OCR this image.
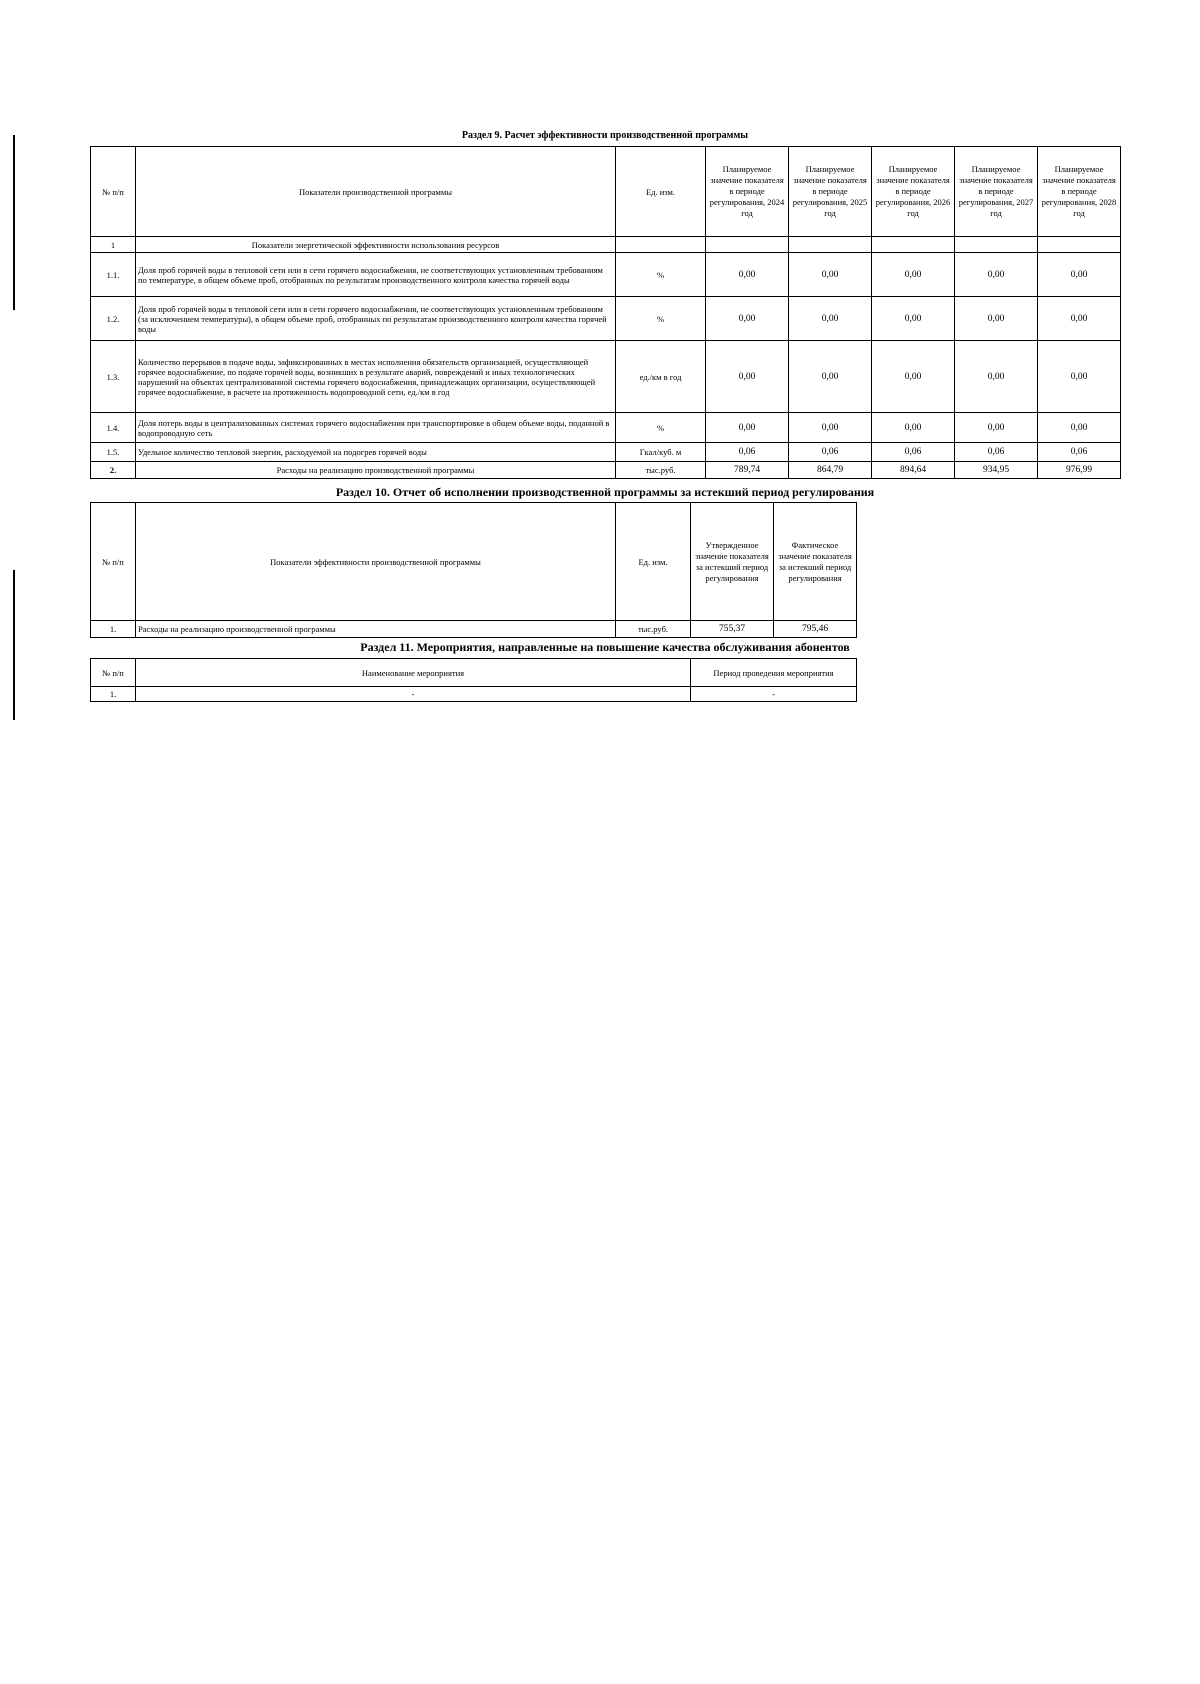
Раздел 9. Расчет эффективности производственной программы
№ п/п	Показатели производственной программы	Ед. изм.	Планируемое значение показателя в периоде регулирования, 2024 год	Планируемое значение показателя в периоде регулирования, 2025 год	Планируемое значение показателя в периоде регулирования, 2026 год	Планируемое значение показателя в периоде регулирования, 2027 год	Планируемое значение показателя в периоде регулирования, 2028 год
1	Показатели энергетической эффективности использования ресурсов						
1.1.	Доля проб горячей воды в тепловой сети или в сети горячего водоснабжения, не соответствующих установленным требованиям по температуре, в общем объеме проб, отобранных по результатам производственного контроля качества горячей воды	%	0,00	0,00	0,00	0,00	0,00
1.2.	Доля проб горячей воды в тепловой сети или в сети горячего водоснабжения, не соответствующих установленным требованиям (за исключением температуры), в общем объеме проб, отобранных по результатам производственного контроля качества горячей воды	%	0,00	0,00	0,00	0,00	0,00
1.3.	Количество перерывов в подаче воды, зафиксированных в местах исполнения обязательств организацией, осуществляющей горячее водоснабжение, по подаче горячей воды, возникших в результате аварий, повреждений и иных технологических нарушений на объектах централизованной системы горячего водоснабжения, принадлежащих организации, осуществляющей горячее водоснабжение, в расчете на протяженность водопроводной сети, ед./км в год	ед./км в год	0,00	0,00	0,00	0,00	0,00
1.4.	Доля потерь воды в централизованных системах горячего водоснабжения при транспортировке в общем объеме воды, поданной в водопроводную сеть	%	0,00	0,00	0,00	0,00	0,00
1.5.	Удельное количество тепловой энергии, расходуемой на подогрев горячей воды	Гкал/куб. м	0,06	0,06	0,06	0,06	0,06
2.	Расходы на реализацию производственной программы	тыс.руб.	789,74	864,79	894,64	934,95	976,99
Раздел 10. Отчет об исполнении производственной программы за истекший период регулирования
№ п/п	Показатели эффективности производственной программы	Ед. изм.	Утвержденное значение показателя за истекший период регулирования	Фактическое значение показателя за истекший период регулирования
1.	Расходы на реализацию производственной программы	тыс.руб.	755,37	795,46
Раздел 11. Мероприятия, направленные на повышение качества обслуживания абонентов
№ п/п	Наименование мероприятия	Период проведения мероприятия
1.	-	-
